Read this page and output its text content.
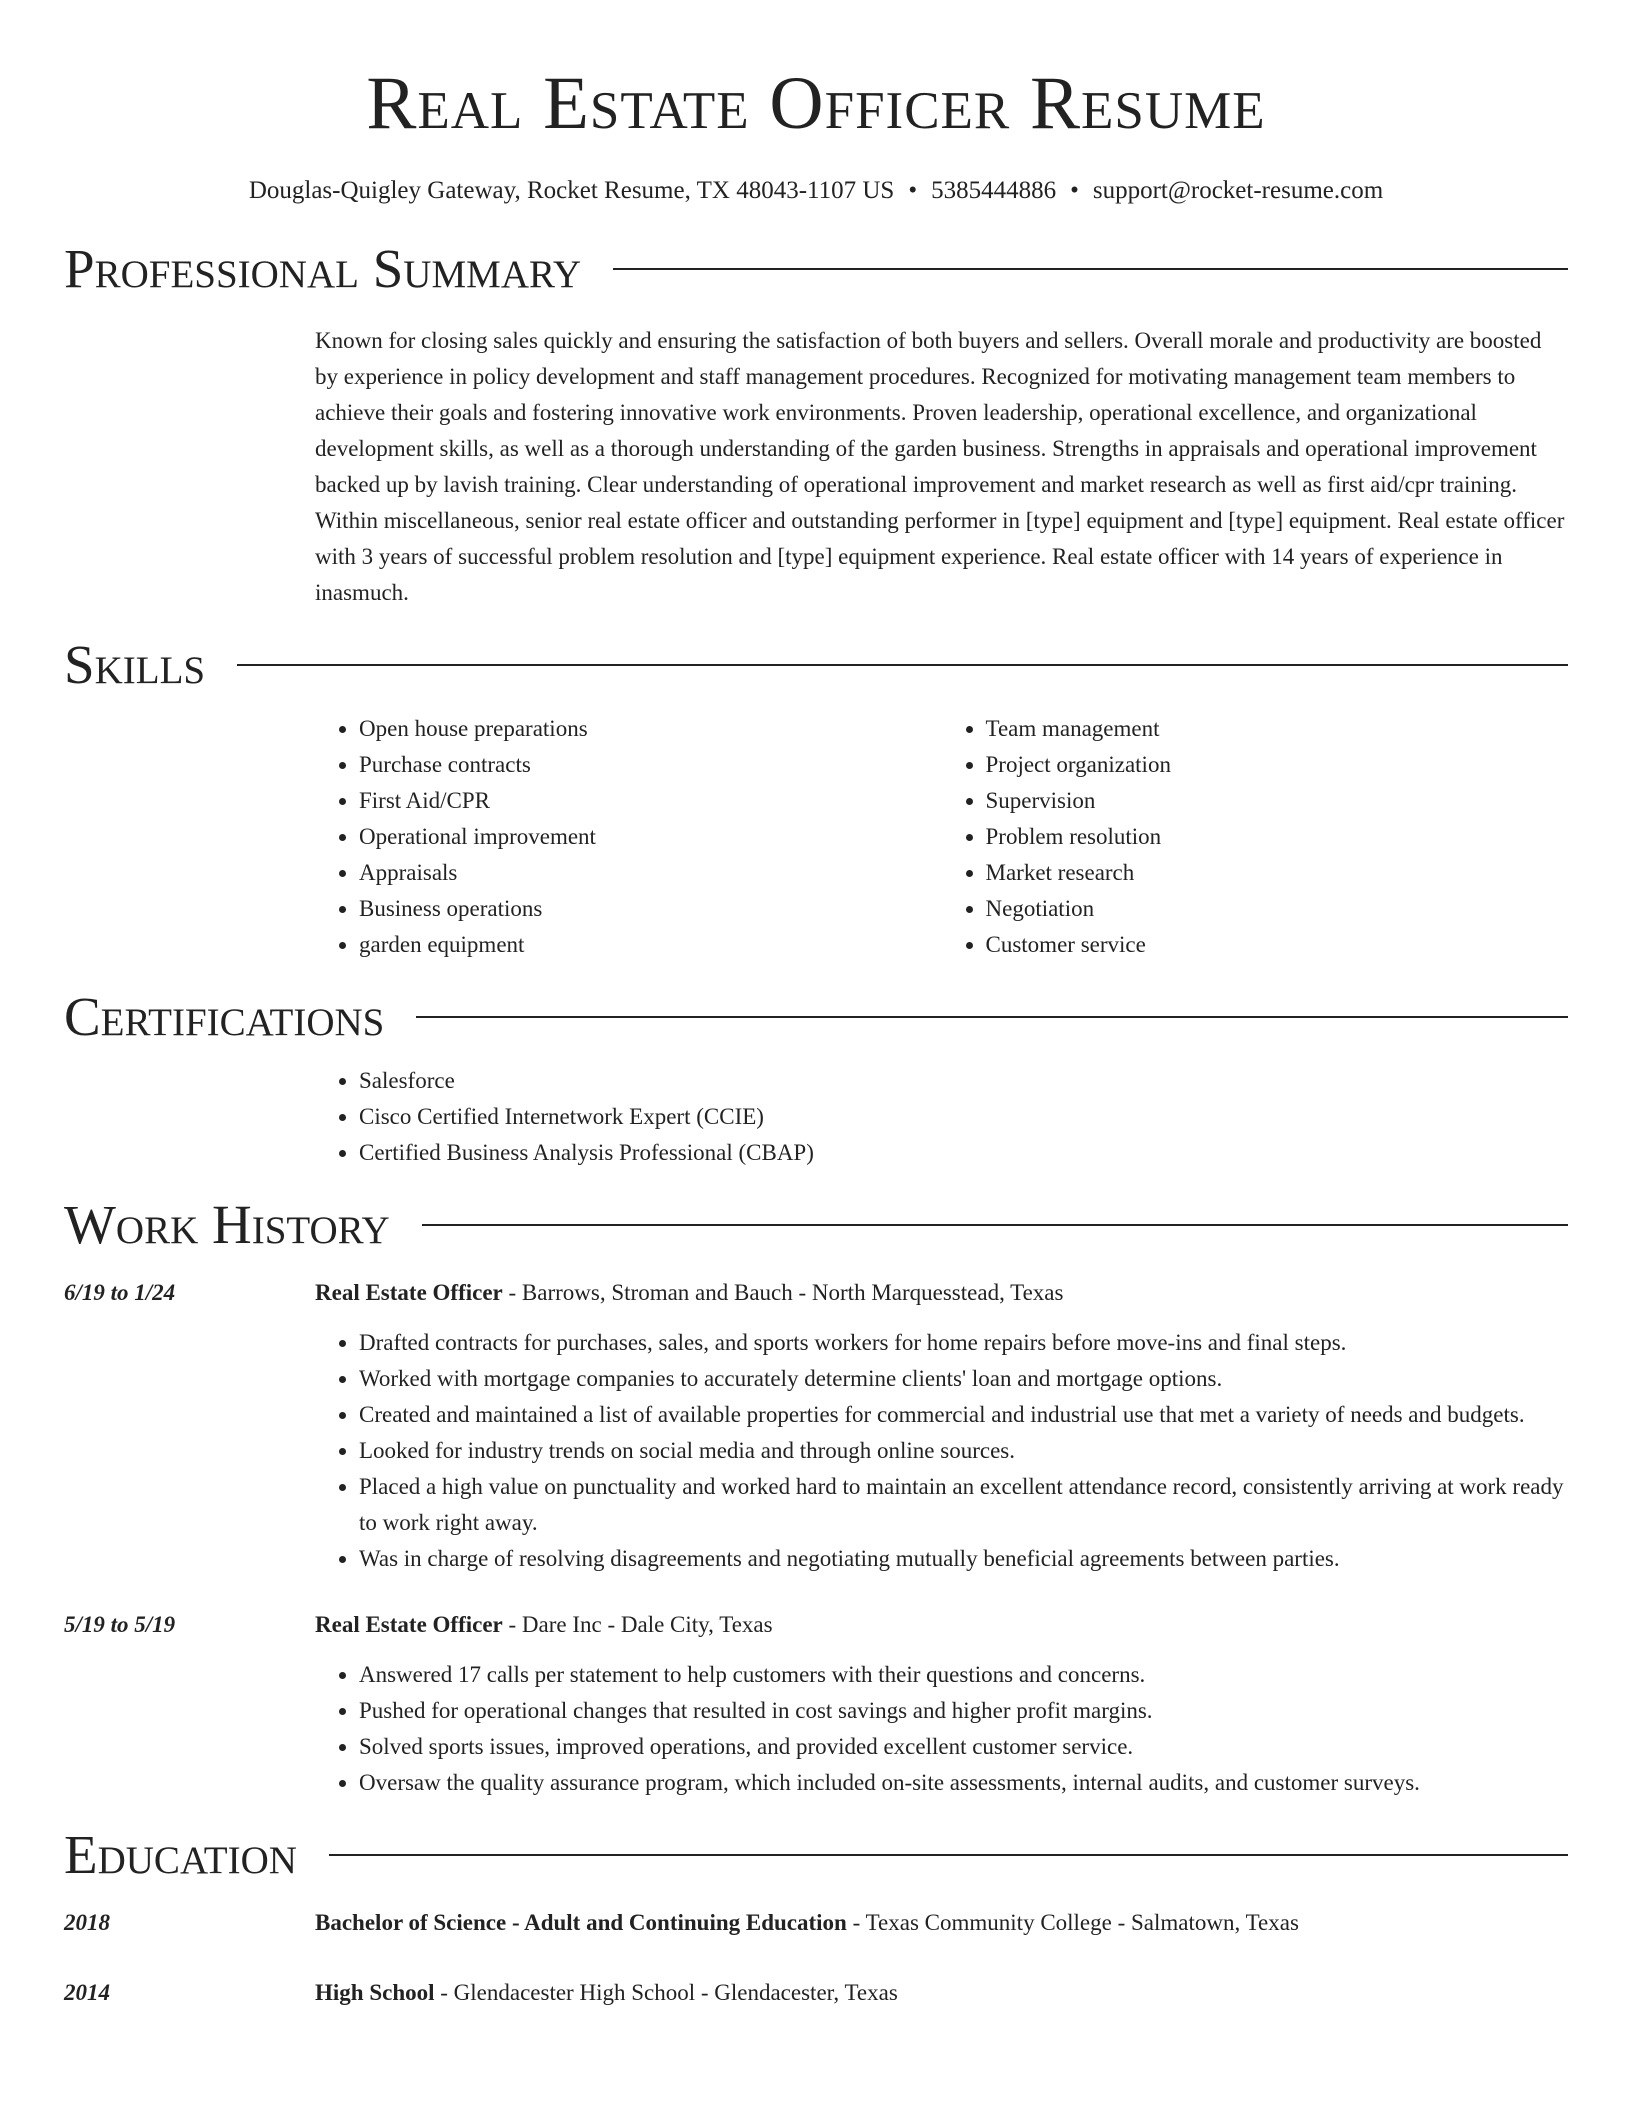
Real Estate Officer Resume
Douglas-Quigley Gateway, Rocket Resume, TX 48043-1107 US • 5385444886 • support@rocket-resume.com
Professional Summary
Known for closing sales quickly and ensuring the satisfaction of both buyers and sellers. Overall morale and productivity are boosted by experience in policy development and staff management procedures. Recognized for motivating management team members to achieve their goals and fostering innovative work environments. Proven leadership, operational excellence, and organizational development skills, as well as a thorough understanding of the garden business. Strengths in appraisals and operational improvement backed up by lavish training. Clear understanding of operational improvement and market research as well as first aid/cpr training. Within miscellaneous, senior real estate officer and outstanding performer in [type] equipment and [type] equipment. Real estate officer with 3 years of successful problem resolution and [type] equipment experience. Real estate officer with 14 years of experience in inasmuch.
Skills
• Open house preparations
• Purchase contracts
• First Aid/CPR
• Operational improvement
• Appraisals
• Business operations
• garden equipment
• Team management
• Project organization
• Supervision
• Problem resolution
• Market research
• Negotiation
• Customer service
Certifications
• Salesforce
• Cisco Certified Internetwork Expert (CCIE)
• Certified Business Analysis Professional (CBAP)
Work History
6/19 to 1/24	Real Estate Officer - Barrows, Stroman and Bauch - North Marquesstead, Texas
• Drafted contracts for purchases, sales, and sports workers for home repairs before move-ins and final steps.
• Worked with mortgage companies to accurately determine clients' loan and mortgage options.
• Created and maintained a list of available properties for commercial and industrial use that met a variety of needs and budgets.
• Looked for industry trends on social media and through online sources.
• Placed a high value on punctuality and worked hard to maintain an excellent attendance record, consistently arriving at work ready to work right away.
• Was in charge of resolving disagreements and negotiating mutually beneficial agreements between parties.
5/19 to 5/19	Real Estate Officer - Dare Inc - Dale City, Texas
• Answered 17 calls per statement to help customers with their questions and concerns.
• Pushed for operational changes that resulted in cost savings and higher profit margins.
• Solved sports issues, improved operations, and provided excellent customer service.
• Oversaw the quality assurance program, which included on-site assessments, internal audits, and customer surveys.
Education
2018	Bachelor of Science - Adult and Continuing Education - Texas Community College - Salmatown, Texas
2014	High School - Glendacester High School - Glendacester, Texas
